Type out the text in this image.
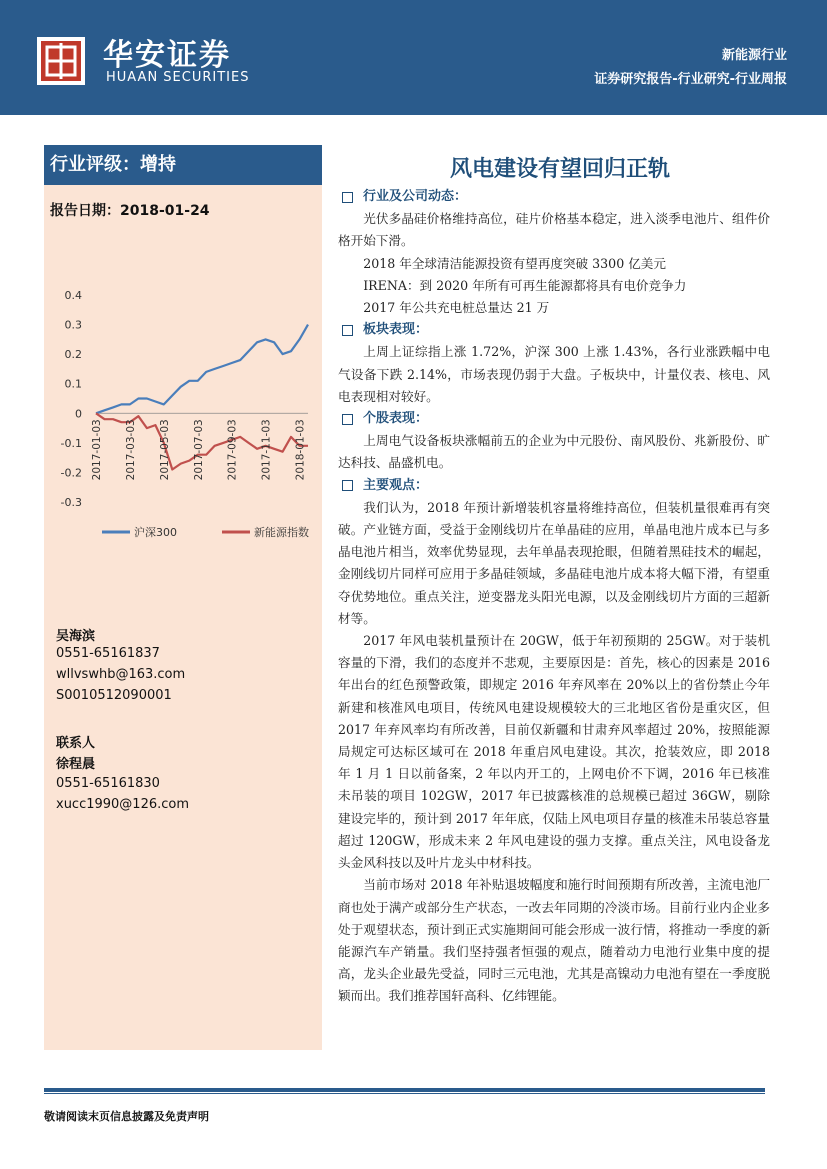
华安证券
HUAAN SECURITIES
新能源行业
证券研究报告-行业研究-行业周报
行业评级：增持
报告日期：2018-01-24
0.4
0.3
0.2
0.1
0
-0.1
-0.2
-0.3
2017-01-03 2017-03-03 2017-05-03 2017-07-03 2017-09-03 2017-11-03 2018-01-03
沪深300	新能源指数
吴海滨
0551-65161837
wllvswhb@163.com
S0010512090001
联系人
徐程晨
0551-65161830
xucc1990@126.com
风电建设有望回归正轨
行业及公司动态：

光伏多晶硅价格维持高位，硅片价格基本稳定，进入淡季电池片、组件价格开始下滑。

2018 年全球清洁能源投资有望再度突破 3300 亿美元

IRENA：到 2020 年所有可再生能源都将具有电价竞争力

2017 年公共充电桩总量达 21 万

板块表现：

上周上证综指上涨 1.72%，沪深 300 上涨 1.43%，各行业涨跌幅中电气设备下跌 2.14%，市场表现仍弱于大盘。子板块中，计量仪表、核电、风电表现相对较好。

个股表现：

上周电气设备板块涨幅前五的企业为中元股份、南风股份、兆新股份、旷达科技、晶盛机电。

主要观点：

我们认为，2018 年预计新增装机容量将维持高位，但装机量很难再有突破。产业链方面，受益于金刚线切片在单晶硅的应用，单晶电池片成本已与多晶电池片相当，效率优势显现，去年单晶表现抢眼，但随着黑硅技术的崛起，金刚线切片同样可应用于多晶硅领域，多晶硅电池片成本将大幅下滑，有望重夺优势地位。重点关注，逆变器龙头阳光电源，以及金刚线切片方面的三超新材等。

2017 年风电装机量预计在 20GW，低于年初预期的 25GW。对于装机容量的下滑，我们的态度并不悲观，主要原因是：首先，核心的因素是 2016 年出台的红色预警政策，即规定 2016 年弃风率在 20%以上的省份禁止今年新建和核准风电项目，传统风电建设规模较大的三北地区省份是重灾区，但 2017 年弃风率均有所改善，目前仅新疆和甘肃弃风率超过 20%，按照能源局规定可达标区域可在 2018 年重启风电建设。其次，抢装效应，即 2018 年 1 月 1 日以前备案，2 年以内开工的，上网电价不下调，2016 年已核准未吊装的项目 102GW，2017 年已披露核准的总规模已超过 36GW，剔除建设完毕的，预计到 2017 年年底，仅陆上风电项目存量的核准未吊装总容量超过 120GW，形成未来 2 年风电建设的强力支撑。重点关注，风电设备龙头金风科技以及叶片龙头中材科技。

当前市场对 2018 年补贴退坡幅度和施行时间预期有所改善，主流电池厂商也处于满产或部分生产状态，一改去年同期的冷淡市场。目前行业内企业多处于观望状态，预计到正式实施期间可能会形成一波行情，将推动一季度的新能源汽车产销量。我们坚持强者恒强的观点，随着动力电池行业集中度的提高，龙头企业最先受益，同时三元电池，尤其是高镍动力电池有望在一季度脱颖而出。我们推荐国轩高科、亿纬锂能。

敬请阅读末页信息披露及免责声明
